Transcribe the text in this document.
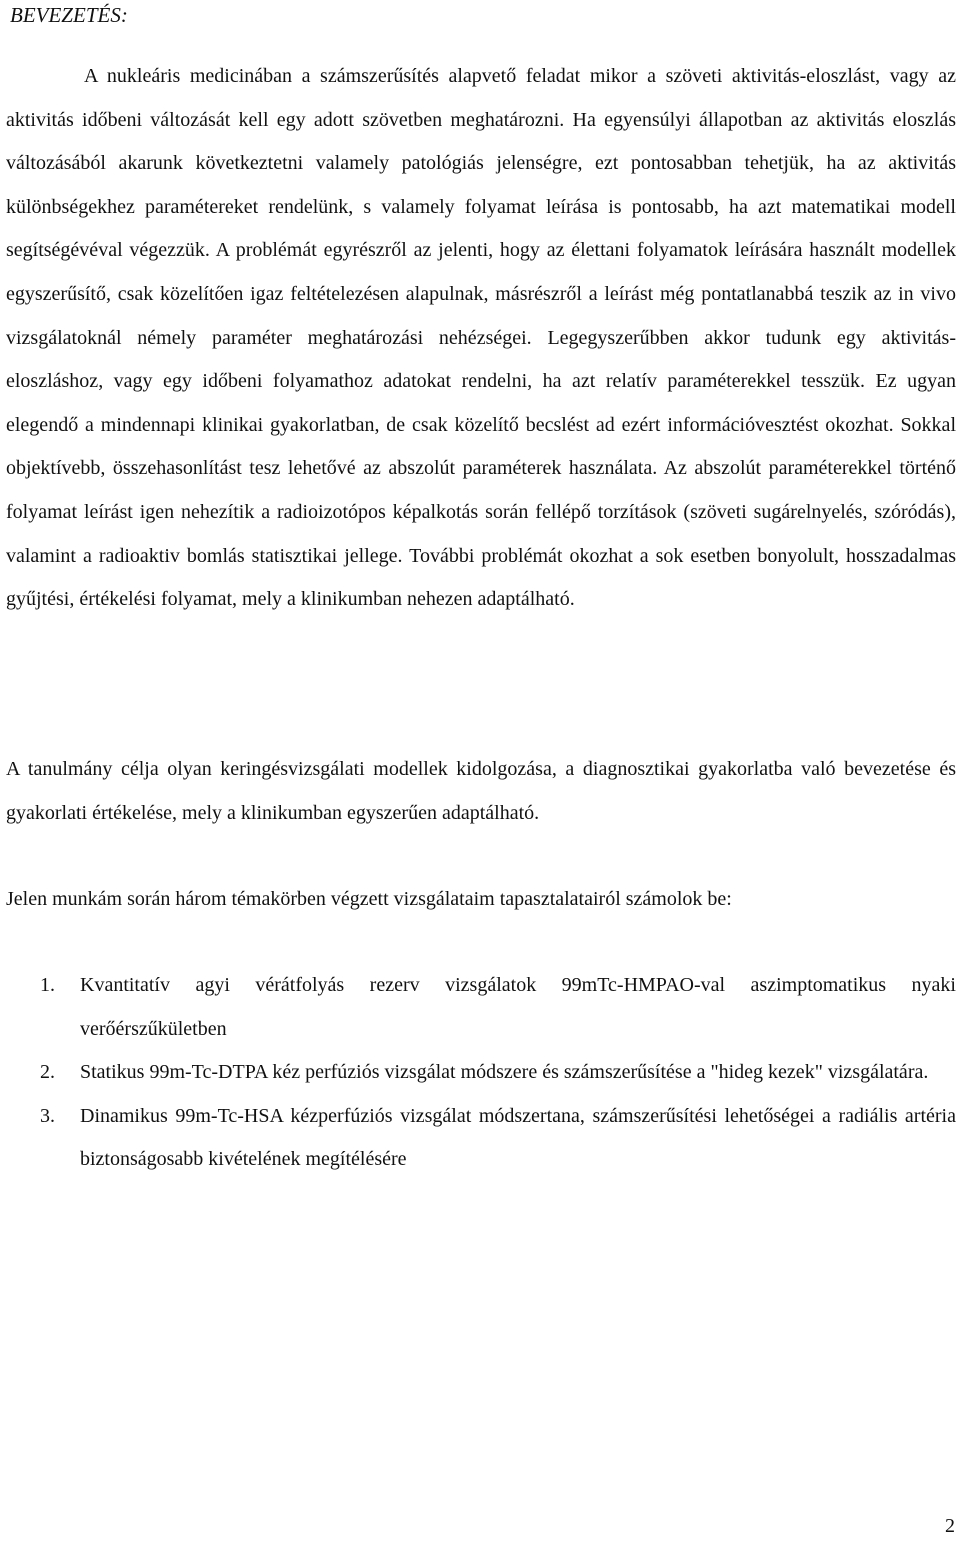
BEVEZETÉS:

A nukleáris medicinában a számszerűsítés alapvető feladat mikor a szöveti aktivitás-eloszlást, vagy az aktivitás időbeni változását kell egy adott szövetben meghatározni. Ha egyensúlyi állapotban az aktivitás eloszlás változásából akarunk következtetni valamely patológiás jelenségre, ezt pontosabban tehetjük, ha az aktivitás különbségekhez paramétereket rendelünk, s valamely folyamat leírása is pontosabb, ha azt matematikai modell segítségévéval végezzük. A problémát egyrészről az jelenti, hogy az élettani folyamatok leírására használt modellek egyszerűsítő, csak közelítően igaz feltételezésen alapulnak, másrészről a leírást még pontatlanabbá teszik az in vivo vizsgálatoknál némely paraméter meghatározási nehézségei. Legegyszerűbben akkor tudunk egy aktivitás-eloszláshoz, vagy egy időbeni folyamathoz adatokat rendelni, ha azt relatív paraméterekkel tesszük. Ez ugyan elegendő a mindennapi klinikai gyakorlatban, de csak közelítő becslést ad ezért információvesztést okozhat. Sokkal objektívebb, összehasonlítást tesz lehetővé az abszolút paraméterek használata. Az abszolút paraméterekkel történő folyamat leírást igen nehezítik a radioizotópos képalkotás során fellépő torzítások (szöveti sugárelnyelés, szóródás), valamint a radioaktiv bomlás statisztikai jellege. További problémát okozhat a sok esetben bonyolult, hosszadalmas gyűjtési, értékelési folyamat, mely a klinikumban nehezen adaptálható.

A tanulmány célja olyan keringésvizsgálati modellek kidolgozása, a diagnosztikai gyakorlatba való bevezetése és gyakorlati értékelése, mely a klinikumban egyszerűen adaptálható.

Jelen munkám során három témakörben végzett vizsgálataim tapasztalatairól számolok be:

1. Kvantitatív agyi vérátfolyás rezerv vizsgálatok 99mTc-HMPAO-val aszimptomatikus nyaki verőérszűkületben
2. Statikus 99m-Tc-DTPA kéz perfúziós vizsgálat módszere és számszerűsítése a "hideg kezek" vizsgálatára.
3. Dinamikus 99m-Tc-HSA kézperfúziós vizsgálat módszertana, számszerűsítési lehetőségei a radiális artéria biztonságosabb kivételének megítélésére

2
